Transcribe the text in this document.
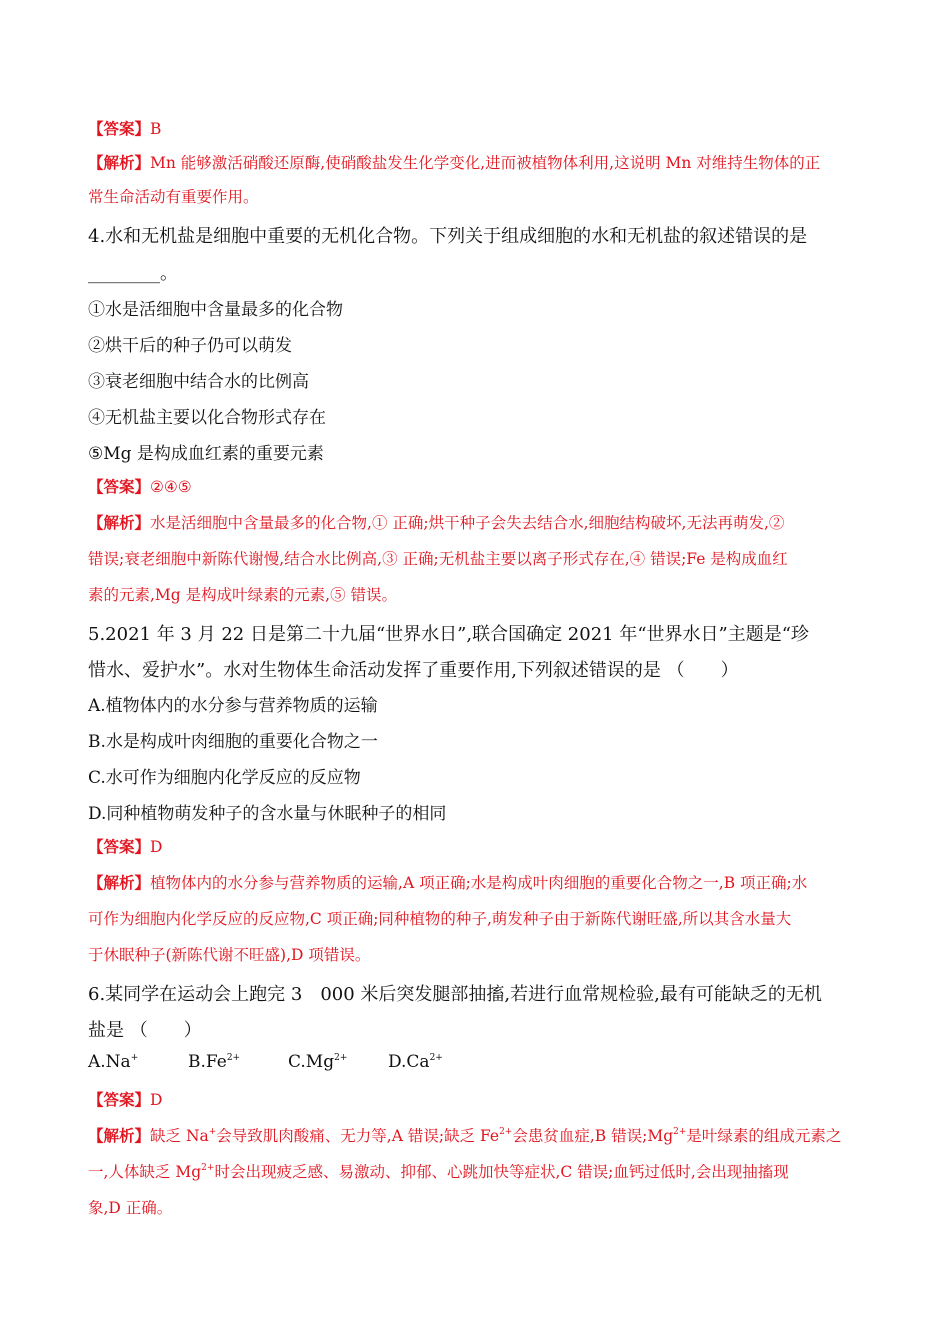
【答案】B
【解析】Mn 能够激活硝酸还原酶,使硝酸盐发生化学变化,进而被植物体利用,这说明 Mn 对维持生物体的正
常生命活动有重要作用。
4.水和无机盐是细胞中重要的无机化合物。下列关于组成细胞的水和无机盐的叙述错误的是
________。
①水是活细胞中含量最多的化合物
②烘干后的种子仍可以萌发
③衰老细胞中结合水的比例高
④无机盐主要以化合物形式存在
⑤Mg 是构成血红素的重要元素
【答案】②④⑤
【解析】水是活细胞中含量最多的化合物,① 正确;烘干种子会失去结合水,细胞结构破坏,无法再萌发,②
错误;衰老细胞中新陈代谢慢,结合水比例高,③ 正确;无机盐主要以离子形式存在,④ 错误;Fe 是构成血红
素的元素,Mg 是构成叶绿素的元素,⑤ 错误。
5.2021 年 3 月 22 日是第二十九届“世界水日”,联合国确定 2021 年“世界水日”主题是“珍
惜水、爱护水”。水对生物体生命活动发挥了重要作用,下列叙述错误的是 （　　）
A.植物体内的水分参与营养物质的运输
B.水是构成叶肉细胞的重要化合物之一
C.水可作为细胞内化学反应的反应物
D.同种植物萌发种子的含水量与休眠种子的相同
【答案】D
【解析】植物体内的水分参与营养物质的运输,A 项正确;水是构成叶肉细胞的重要化合物之一,B 项正确;水
可作为细胞内化学反应的反应物,C 项正确;同种植物的种子,萌发种子由于新陈代谢旺盛,所以其含水量大
于休眠种子(新陈代谢不旺盛),D 项错误。
6.某同学在运动会上跑完 3　000 米后突发腿部抽搐,若进行血常规检验,最有可能缺乏的无机
盐是 （　　）
A.Na+	$B.Fe^{2+}$	$C.Mg^{2+}$ $D.Ca^{2+}$
【答案】D
【解析】缺乏 Na+会导致肌肉酸痛、无力等,A 错误;缺乏 $Fe^{2+}$会患贫血症,B 错误$;Mg^{2+}$是叶绿素的组成元素之
一,人体缺乏 $Mg^{2+}$时会出现疲乏感、易激动、抑郁、心跳加快等症状,C 错误;血钙过低时,会出现抽搐现
象,D 正确。
